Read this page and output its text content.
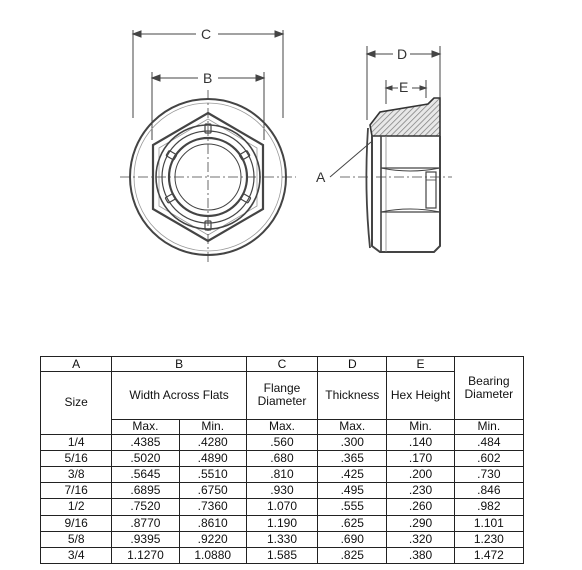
C
B
D
E
A
A	B		C	D	E	Bearing Diameter
Size	Width Across Flats		Flange Diameter	Thickness	Hex Height	
	Max.	Min.	Max.	Max.	Min.	Min.
1/4	.4385	.4280	.560	.300	.140	.484
5/16	.5020	.4890	.680	.365	.170	.602
3/8	.5645	.5510	.810	.425	.200	.730
7/16	.6895	.6750	.930	.495	.230	.846
1/2	.7520	.7360	1.070	.555	.260	.982
9/16	.8770	.8610	1.190	.625	.290	1.101
5/8	.9395	.9220	1.330	.690	.320	1.230
3/4	1.1270	1.0880	1.585	.825	.380	1.472
